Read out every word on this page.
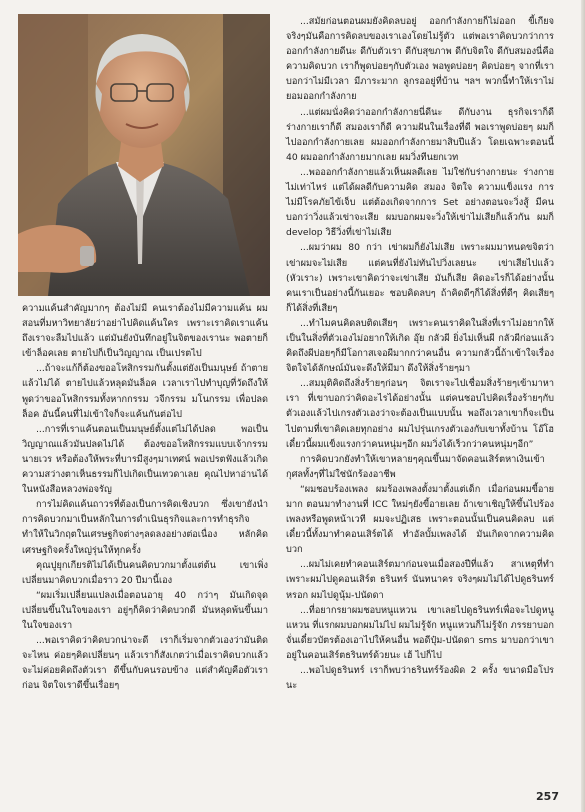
ความแค้นสำคัญมากๆ ต้องไม่มี คนเราต้องไม่มีความแค้น ผมสอนที่มหาวิทยาลัยว่าอย่าไปคิดแค้นใคร เพราะเราคิดเราแค้น ถึงเราจะลืมไปแล้ว แต่มันยังบันทึกอยู่ในจิตของเรานะ พอตายก็เข้าล็อคเลย ตายไปก็เป็นวิญญาณ เป็นเปรตไป

...ถ้าจะแก้ก็ต้องขออโหสิกรรมกันตั้งแต่ยังเป็นมนุษย์ ถ้าตายแล้วไม่ได้ ตายไปแล้วหลุดมันล็อค เวลาเราไปทำบุญที่วัดถึงให้พูดว่าขออโหสิกรรมทั้งหากกรรม วจีกรรม มโนกรรม เพื่อปลดล็อค อันนี้คนที่ไม่เข้าใจก็จะแค้นกันต่อไป

...การที่เราแค้นตอนเป็นมนุษย์ตั้งแต่ไม่ได้ปลด พอเป็นวิญญาณแล้วมันปลดไม่ได้ ต้องขออโหสิกรรมแบบเจ้ากรรมนายเวร หรือต้องให้พระที่บารมีสูงๆมาเทศน์ พอเปรตฟังแล้วเกิดความสว่างตาเห็นธรรมก็ไปเกิดเป็นเทวดาเลย คุณไปหาอ่านได้ในหนังสือหลวงพ่อจรัญ

การไม่คิดแค้นถาวรที่ต้องเป็นการคิดเชิงบวก ซึ่งเขายังนำการคิดบวกมาเป็นหลักในการดำเนินธุรกิจและการทำธุรกิจ ทำให้ในวิกฤตในเศรษฐกิจต่างๆลดลงอย่างต่อเนื่อง หลักคิดเศรษฐกิจครั้งใหญ่รุ่นให้ทุกครั้ง

คุณปูยุกเกียรติไม่ได้เป็นคนคิดบวกมาตั้งแต่ต้น เขาเพิ่งเปลี่ยนมาคิดบวกเมื่อราว 20 ปีมานี้เอง

“ผมเริ่มเปลี่ยนแปลงเมื่อตอนอายุ 40 กว่าๆ มันเกิดจุดเปลี่ยนขึ้นในใจของเรา อยู่ๆก็คิดว่าคิดบวกดี มันหลุดพ้นขึ้นมาในใจของเรา

...พอเราคิดว่าคิดบวกน่าจะดี เราก็เริ่มจากตัวเองว่ามันติดจะไหน ค่อยๆคิดเปลี่ยนๆ แล้วเราก็สังเกตว่าเมื่อเราคิดบวกแล้วจะไม่ค่อยคิดถึงตัวเรา ดีขึ้นกับคนรอบข้าง แต่สำคัญคือตัวเราก่อน จิตใจเราดีขึ้นเรื่อยๆ

...สมัยก่อนตอนผมยังคิดลบอยู่ ออกกำลังกายก็ไม่ออก ขี้เกียจ จริงๆมันคือการคิดลบของเราเองโดยไม่รู้ตัว แต่พอเราคิดบวกว่าการออกกำลังกายดีนะ ดีกับตัวเรา ดีกับสุขภาพ ดีกับจิตใจ ดีกับสมองนี่คือความคิดบวก เราก็พูดบ่อยๆกับตัวเอง พอพูดบ่อยๆ คิดบ่อยๆ จากที่เราบอกว่าไม่มีเวลา มีภาระมาก ลูกรออยู่ที่บ้าน ฯลฯ พวกนี้ทำให้เราไม่ยอมออกกำลังกาย

...แต่ผมนั่งคิดว่าออกกำลังกายนี่ดีนะ ดีกับงาน ธุรกิจเราก็ดี ร่างกายเราก็ดี สมองเราก็ดี ความฝันในเรื่องที่ดี พอเราพูดบ่อยๆ ผมก็ไปออกกำลังกายเลย ผมออกกำลังกายมาสิบปีแล้ว โดยเฉพาะตอนนี้ 40 ผมออกกำลังกายมากเลย ผมวิ่งทีนยกเวท

...พอออกกำลังกายแล้วเห็นผลดีเลย ไม่ใช่กับร่างกายนะ ร่างกายไม่เท่าไหร่ แต่ได้ผลดีกับความคิด สมอง จิตใจ ความแข็งแรง การไม่มีโรคภัยไข้เจ็บ แต่ต้องเกิดจากการ Set อย่างตอนจะวิ่งสู้ มีคนบอกว่าวิ่งแล้วเข่าจะเสีย ผมบอกผมจะวิ่งให้เข่าไม่เสียก็แล้วกัน ผมก็ develop วิธีวิ่งที่เข่าไม่เสีย

...ผมว่าผม 80 กว่า เข่าผมก็ยังไม่เสีย เพราะผมมาทนดขจิตว่าเข่าผมจะไม่เสีย แต่คนที่ยังไม่ทันไปวิ่งเลยนะ เข่าเสียไปแล้ว (หัวเราะ) เพราะเขาคิดว่าจะเข่าเสีย มันก็เสีย คิดอะไรก็ได้อย่างนั้น คนเราเป็นอย่างนี้กันเยอะ ชอบคิดลบๆ ถ้าคิดดีๆก็ได้สิ่งที่ดีๆ คิดเสียๆก็ได้สิ่งที่เสียๆ

...ทำไมคนคิดลบติดเสียๆ เพราะคนเราคิดในสิ่งที่เราไม่อยากให้เป็นในสิ่งที่ตัวเองไม่อยากให้เกิด อุ๊ย กลัวผี ยิ่งไม่เห็นผี กลัวผีก่อนแล้วคิดถึงผีบ่อยๆก็มีโอกาสเจอผีมากกว่าคนอื่น ความกลัวนี้ถ้าเข้าใจเรื่องจิตใจได้ลักษณ์มันจะดึงให้มีมา ดึงให้สิ่งร้ายๆมา

...สมมุติคิดถึงสิ่งร้ายๆก่อนๆ จิตเราจะไปเชื่อมสิ่งร้ายๆเข้ามาหาเรา ที่เขาบอกว่าคิดอะไรได้อย่างนั้น แต่คนชอบไปคิดเรื่องร้ายๆกับตัวเองแล้วไปเกรงตัวเองว่าจะต้องเป็นแบบนั้น พอถึงเวลาเขาก็จะเป็นไปตามที่เขาคิดเลยทุกอย่าง ผมไปรุ่นเกรงตัวเองกับเขาทั้งบ้าน โอ๊โฮ เดี๋ยวนี้ผมแข็งแรงกว่าคนหนุ่มๆอีก ผมวิ่งได้เร็วกว่าคนหนุ่มๆอีก”

การคิดบวกยังทำให้เขาหลายๆคุณขึ้นมาจัดคอนเสิร์ตหาเงินเข้ากุศลทั้งๆที่ไม่ใช่นักร้องอาชีพ

“ผมชอบร้องเพลง ผมร้องเพลงตั้งมาตั้งแต่เด็ก เมื่อก่อนผมขี้อายมาก ตอนมาทำงานที่ ICC ใหม่ๆยังขี้อายเลย ถ้าเขาเชิญให้ขึ้นไปร้องเพลงหรือพูดหน้าเวที ผมจะปฏิเสธ เพราะตอนนั้นเป็นคนคิดลบ แต่เดี๋ยวนี้ทั้งมาทำคอนเสิร์ตได้ ทำอัลบั้มเพลงได้ มันเกิดจากความคิดบวก

...ผมไม่เคยทำคอนเสิร์ตมาก่อนจนเมื่อสองปีที่แล้ว สาเหตุที่ทำเพราะผมไปดูคอนเสิร์ต ธรินทร์ นันทนาคร จริงๆผมไม่ได้ไปดูธรินทร์หรอก ผมไปดูนุ้ม-ปนัดดา

...ที่อยากรยาผมชอบหนูแหวน เขาเลยไปดูธรินทร์เพื่อจะไปดูหนูแหวน ที่แรกผมบอกผมไม่ไป ผมไม่รู้จัก หนูแหวนก็ไม่รู้จัก ภรรยาบอกจั่นเดี๋ยวบัตรต้องเอาไปให้คนอื่น พอดีปุ๋ม-ปนัดดา sms มาบอกว่าเขาอยู่ในคอนเสิร์ตธรินทร์ด้วยนะ เฮ้ ไปก็ไป

...พอไปดูธรินทร์ เราก็พบว่าธรินทร์ร้องผิด 2 ครั้ง ขนาดมือโปรนะ

257
